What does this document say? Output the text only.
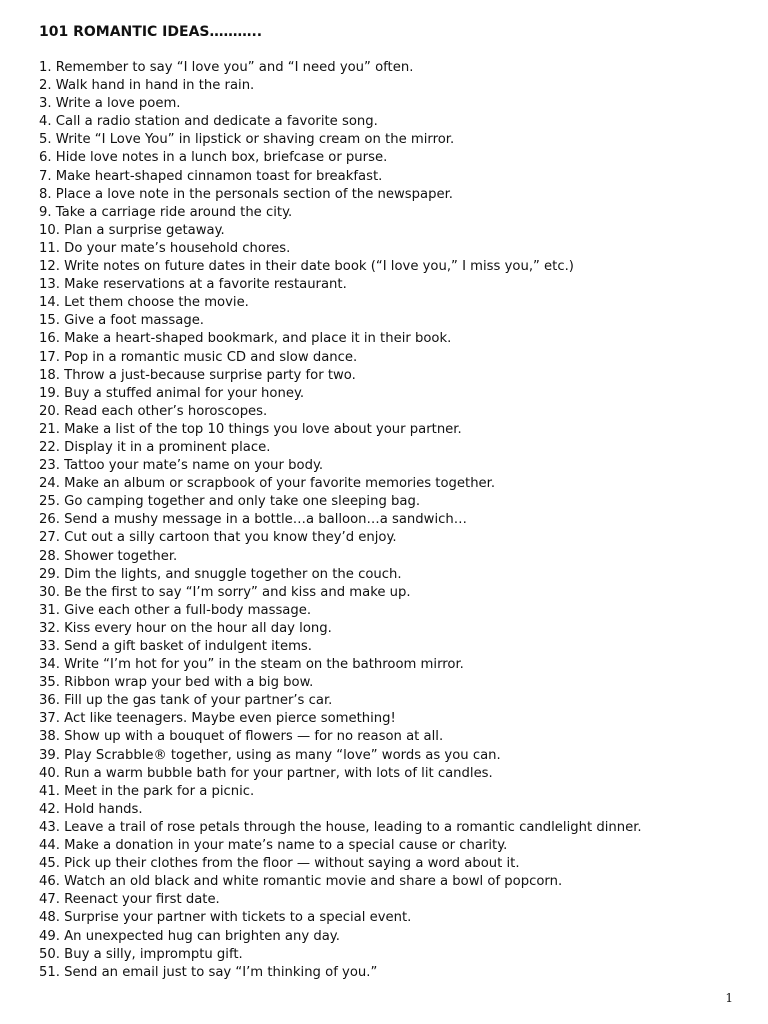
101 ROMANTIC IDEAS………..
1. Remember to say “I love you” and “I need you” often.
2. Walk hand in hand in the rain.
3. Write a love poem.
4. Call a radio station and dedicate a favorite song.
5. Write “I Love You” in lipstick or shaving cream on the mirror.
6. Hide love notes in a lunch box, briefcase or purse.
7. Make heart-shaped cinnamon toast for breakfast.
8. Place a love note in the personals section of the newspaper.
9. Take a carriage ride around the city.
10. Plan a surprise getaway.
11. Do your mate’s household chores.
12. Write notes on future dates in their date book (“I love you,” I miss you,” etc.)
13. Make reservations at a favorite restaurant.
14. Let them choose the movie.
15. Give a foot massage.
16. Make a heart-shaped bookmark, and place it in their book.
17. Pop in a romantic music CD and slow dance.
18. Throw a just-because surprise party for two.
19. Buy a stuffed animal for your honey.
20. Read each other’s horoscopes.
21. Make a list of the top 10 things you love about your partner.
22. Display it in a prominent place.
23. Tattoo your mate’s name on your body.
24. Make an album or scrapbook of your favorite memories together.
25. Go camping together and only take one sleeping bag.
26. Send a mushy message in a bottle…a balloon…a sandwich…
27. Cut out a silly cartoon that you know they’d enjoy.
28. Shower together.
29. Dim the lights, and snuggle together on the couch.
30. Be the first to say “I’m sorry” and kiss and make up.
31. Give each other a full-body massage.
32. Kiss every hour on the hour all day long.
33. Send a gift basket of indulgent items.
34. Write “I’m hot for you” in the steam on the bathroom mirror.
35. Ribbon wrap your bed with a big bow.
36. Fill up the gas tank of your partner’s car.
37. Act like teenagers. Maybe even pierce something!
38. Show up with a bouquet of flowers — for no reason at all.
39. Play Scrabble® together, using as many “love” words as you can.
40. Run a warm bubble bath for your partner, with lots of lit candles.
41. Meet in the park for a picnic.
42. Hold hands.
43. Leave a trail of rose petals through the house, leading to a romantic candlelight dinner.
44. Make a donation in your mate’s name to a special cause or charity.
45. Pick up their clothes from the floor — without saying a word about it.
46. Watch an old black and white romantic movie and share a bowl of popcorn.
47. Reenact your first date.
48. Surprise your partner with tickets to a special event.
49. An unexpected hug can brighten any day.
50. Buy a silly, impromptu gift.
51. Send an email just to say “I’m thinking of you.”
1
